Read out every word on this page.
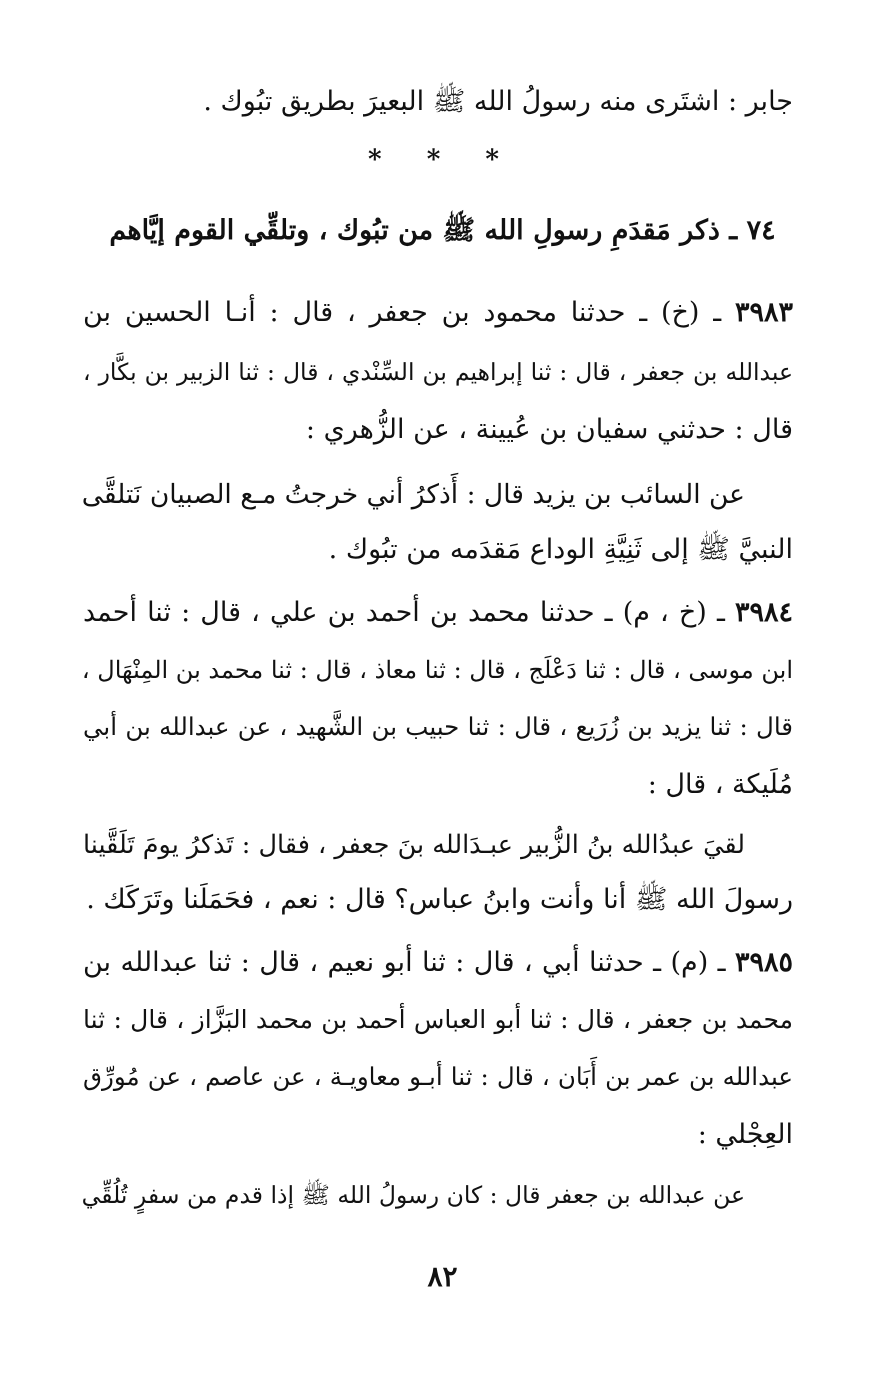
جابر : اشتَرى منه رسولُ الله ﷺ البعيرَ بطريق تبُوك .
* * *
٧٤ ـ ذكر مَقدَمِ رسولِ الله ﷺ من تبُوك ، وتلقِّي القوم إيَّاهم
٣٩٨٣ ـ (خ) ـ حدثنا محمود بن جعفر ، قال : أنـا الحسين بن
عبدالله بن جعفر ، قال : ثنا إبراهيم بن السِّنْدي ، قال : ثنا الزبير بن بكَّار ،
قال : حدثني سفيان بن عُيينة ، عن الزُّهري :
عن السائب بن يزيد قال : أَذكرُ أني خرجتُ مـع الصبيان نَتلقَّى
النبيَّ ﷺ إلى ثَنِيَّةِ الوداع مَقدَمه من تبُوك .
٣٩٨٤ ـ (خ ، م) ـ حدثنا محمد بن أحمد بن علي ، قال : ثنا أحمد
ابن موسى ، قال : ثنا دَعْلَج ، قال : ثنا معاذ ، قال : ثنا محمد بن المِنْهَال ،
قال : ثنا يزيد بن زُرَيع ، قال : ثنا حبيب بن الشَّهيد ، عن عبدالله بن أبي
مُلَيكة ، قال :
لقيَ عبدُالله بنُ الزُّبير عبـدَالله بنَ جعفر ، فقال : تَذكرُ يومَ تَلَقَّينا
رسولَ الله ﷺ أنا وأنت وابنُ عباس؟ قال : نعم ، فحَمَلَنا وتَرَكَك .
٣٩٨٥ ـ (م) ـ حدثنا أبي ، قال : ثنا أبو نعيم ، قال : ثنا عبدالله بن
محمد بن جعفر ، قال : ثنا أبو العباس أحمد بن محمد البَزَّاز ، قال : ثنا
عبدالله بن عمر بن أَبَان ، قال : ثنا أبـو معاويـة ، عن عاصم ، عن مُورِّق
العِجْلي :
عن عبدالله بن جعفر قال : كان رسولُ الله ﷺ إذا قدم من سفرٍ تُلُقِّي
٨٢
